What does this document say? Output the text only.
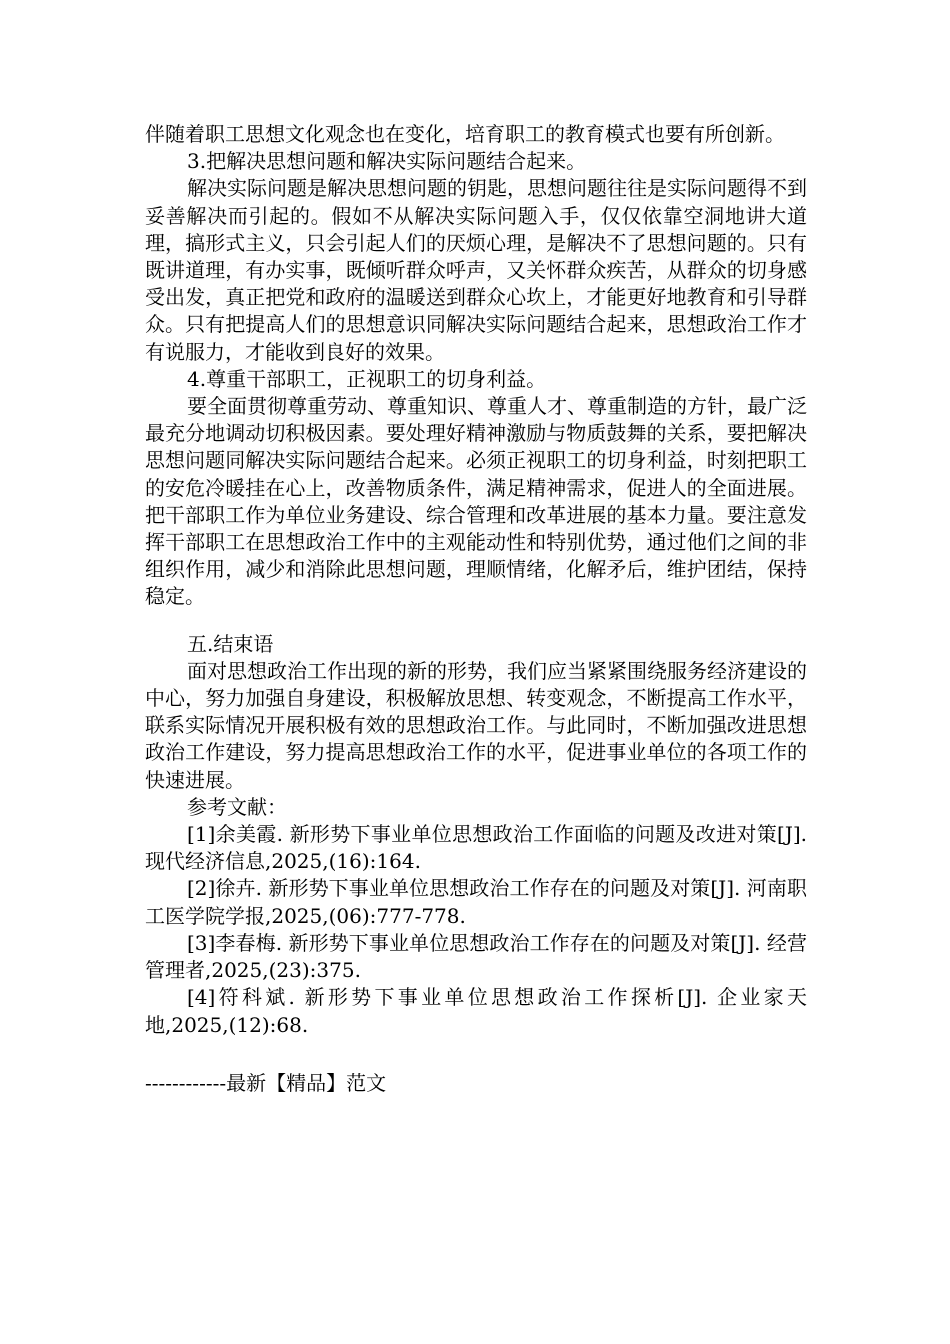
伴随着职工思想文化观念也在变化，培育职工的教育模式也要有所创新。

3.把解决思想问题和解决实际问题结合起来。

解决实际问题是解决思想问题的钥匙，思想问题往往是实际问题得不到妥善解决而引起的。假如不从解决实际问题入手，仅仅依靠空洞地讲大道理，搞形式主义，只会引起人们的厌烦心理，是解决不了思想问题的。只有既讲道理，有办实事，既倾听群众呼声，又关怀群众疾苦，从群众的切身感受出发，真正把党和政府的温暖送到群众心坎上，才能更好地教育和引导群众。只有把提高人们的思想意识同解决实际问题结合起来，思想政治工作才有说服力，才能收到良好的效果。

4.尊重干部职工，正视职工的切身利益。

要全面贯彻尊重劳动、尊重知识、尊重人才、尊重制造的方针，最广泛最充分地调动切积极因素。要处理好精神激励与物质鼓舞的关系，要把解决思想问题同解决实际问题结合起来。必须正视职工的切身利益，时刻把职工的安危冷暖挂在心上，改善物质条件，满足精神需求，促进人的全面进展。把干部职工作为单位业务建设、综合管理和改革进展的基本力量。要注意发挥干部职工在思想政治工作中的主观能动性和特别优势，通过他们之间的非组织作用，减少和消除此思想问题，理顺情绪，化解矛后，维护团结，保持稳定。

五.结束语

面对思想政治工作出现的新的形势，我们应当紧紧围绕服务经济建设的中心，努力加强自身建设，积极解放思想、转变观念，不断提高工作水平，联系实际情况开展积极有效的思想政治工作。与此同时，不断加强改进思想政治工作建设，努力提高思想政治工作的水平，促进事业单位的各项工作的快速进展。

参考文献：

[1]余美霞. 新形势下事业单位思想政治工作面临的问题及改进对策[J]. 现代经济信息,2025,(16):164.

[2]徐卉. 新形势下事业单位思想政治工作存在的问题及对策[J]. 河南职工医学院学报,2025,(06):777-778.

[3]李春梅. 新形势下事业单位思想政治工作存在的问题及对策[J]. 经营管理者,2025,(23):375.

[4]符科斌. 新形势下事业单位思想政治工作探析[J]. 企业家天地,2025,(12):68.

------------最新【精品】范文
